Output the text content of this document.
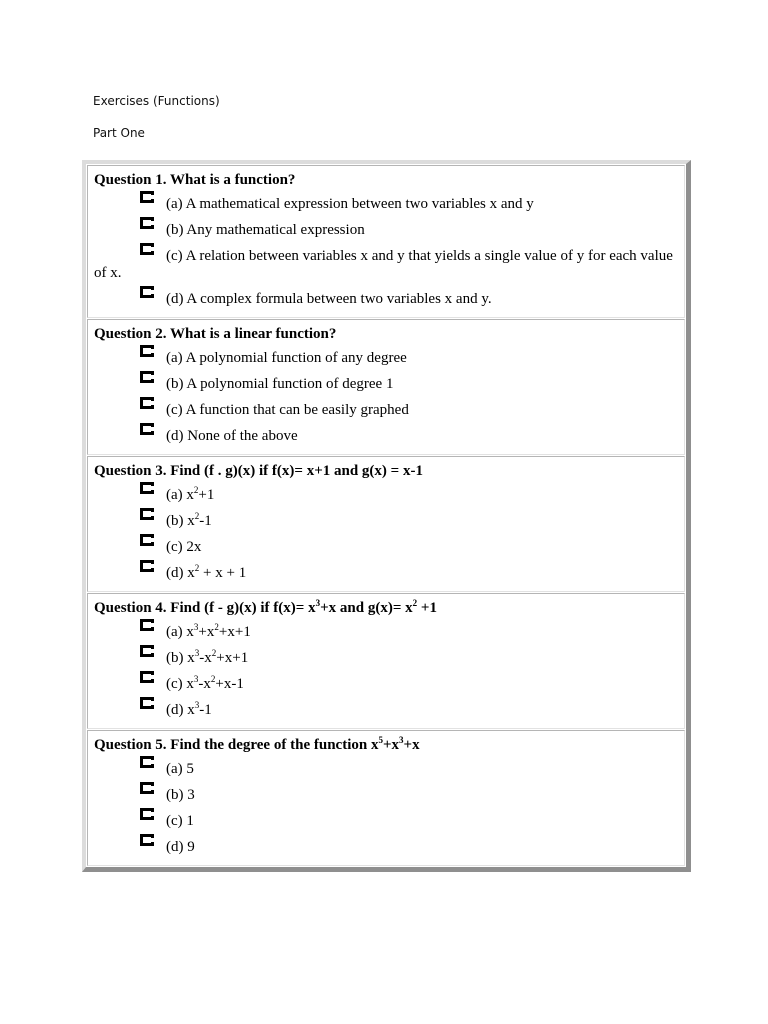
Exercises (Functions)
Part One
Question 1. What is a function?
(a) A mathematical expression between two variables x and y
(b) Any mathematical expression
(c) A relation between variables x and y that yields a single value of y for each value of x.
(d) A complex formula between two variables x and y.
Question 2. What is a linear function?
(a) A polynomial function of any degree
(b) A polynomial function of degree 1
(c) A function that can be easily graphed
(d) None of the above
Question 3. Find (f . g)(x) if f(x)= x+1 and g(x) = x-1
(a) $x^2+1$
(b) $x^2-1$
(c) 2x
(d) $x^2 + x + 1$
Question 4. Find (f - g)(x) if $f(x)= x^3+x$ and $g(x)= x^2 +1$
(a) $x^3+x^2+x+1$
(b) $x^3-x^2+x+1$
(c) $x^3-x^2+x-1$
(d) $x^3-1$
Question 5. Find the degree of the function $x^5+x^3+x$
(a) 5
(b) 3
(c) 1
(d) 9
